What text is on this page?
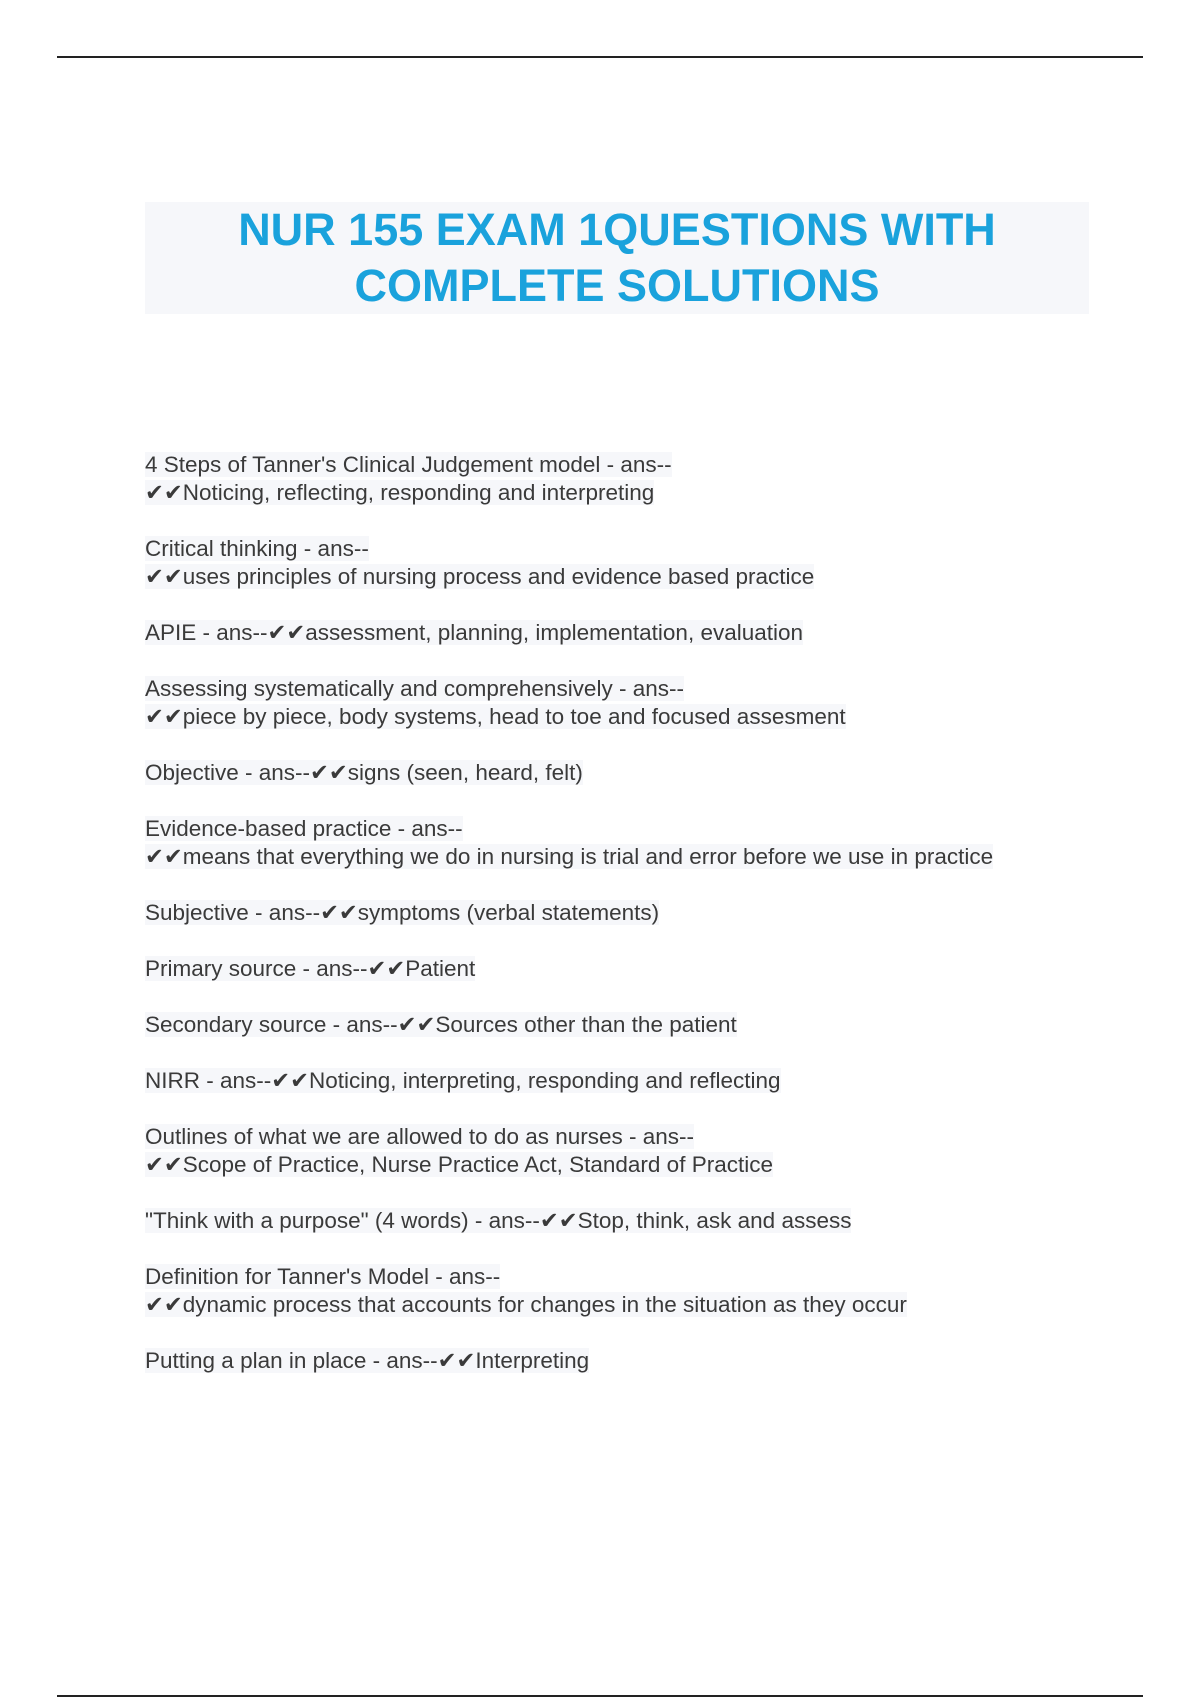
NUR 155 EXAM 1QUESTIONS WITH
COMPLETE SOLUTIONS
4 Steps of Tanner's Clinical Judgement model - ans--
✔✔Noticing, reflecting, responding and interpreting
Critical thinking - ans--
✔✔uses principles of nursing process and evidence based practice
APIE - ans--✔✔assessment, planning, implementation, evaluation
Assessing systematically and comprehensively - ans--
✔✔piece by piece, body systems, head to toe and focused assesment
Objective - ans--✔✔signs (seen, heard, felt)
Evidence-based practice - ans--
✔✔means that everything we do in nursing is trial and error before we use in practice
Subjective - ans--✔✔symptoms (verbal statements)
Primary source - ans--✔✔Patient
Secondary source - ans--✔✔Sources other than the patient
NIRR - ans--✔✔Noticing, interpreting, responding and reflecting
Outlines of what we are allowed to do as nurses - ans--
✔✔Scope of Practice, Nurse Practice Act, Standard of Practice
"Think with a purpose" (4 words) - ans--✔✔Stop, think, ask and assess
Definition for Tanner's Model - ans--
✔✔dynamic process that accounts for changes in the situation as they occur
Putting a plan in place - ans--✔✔Interpreting
